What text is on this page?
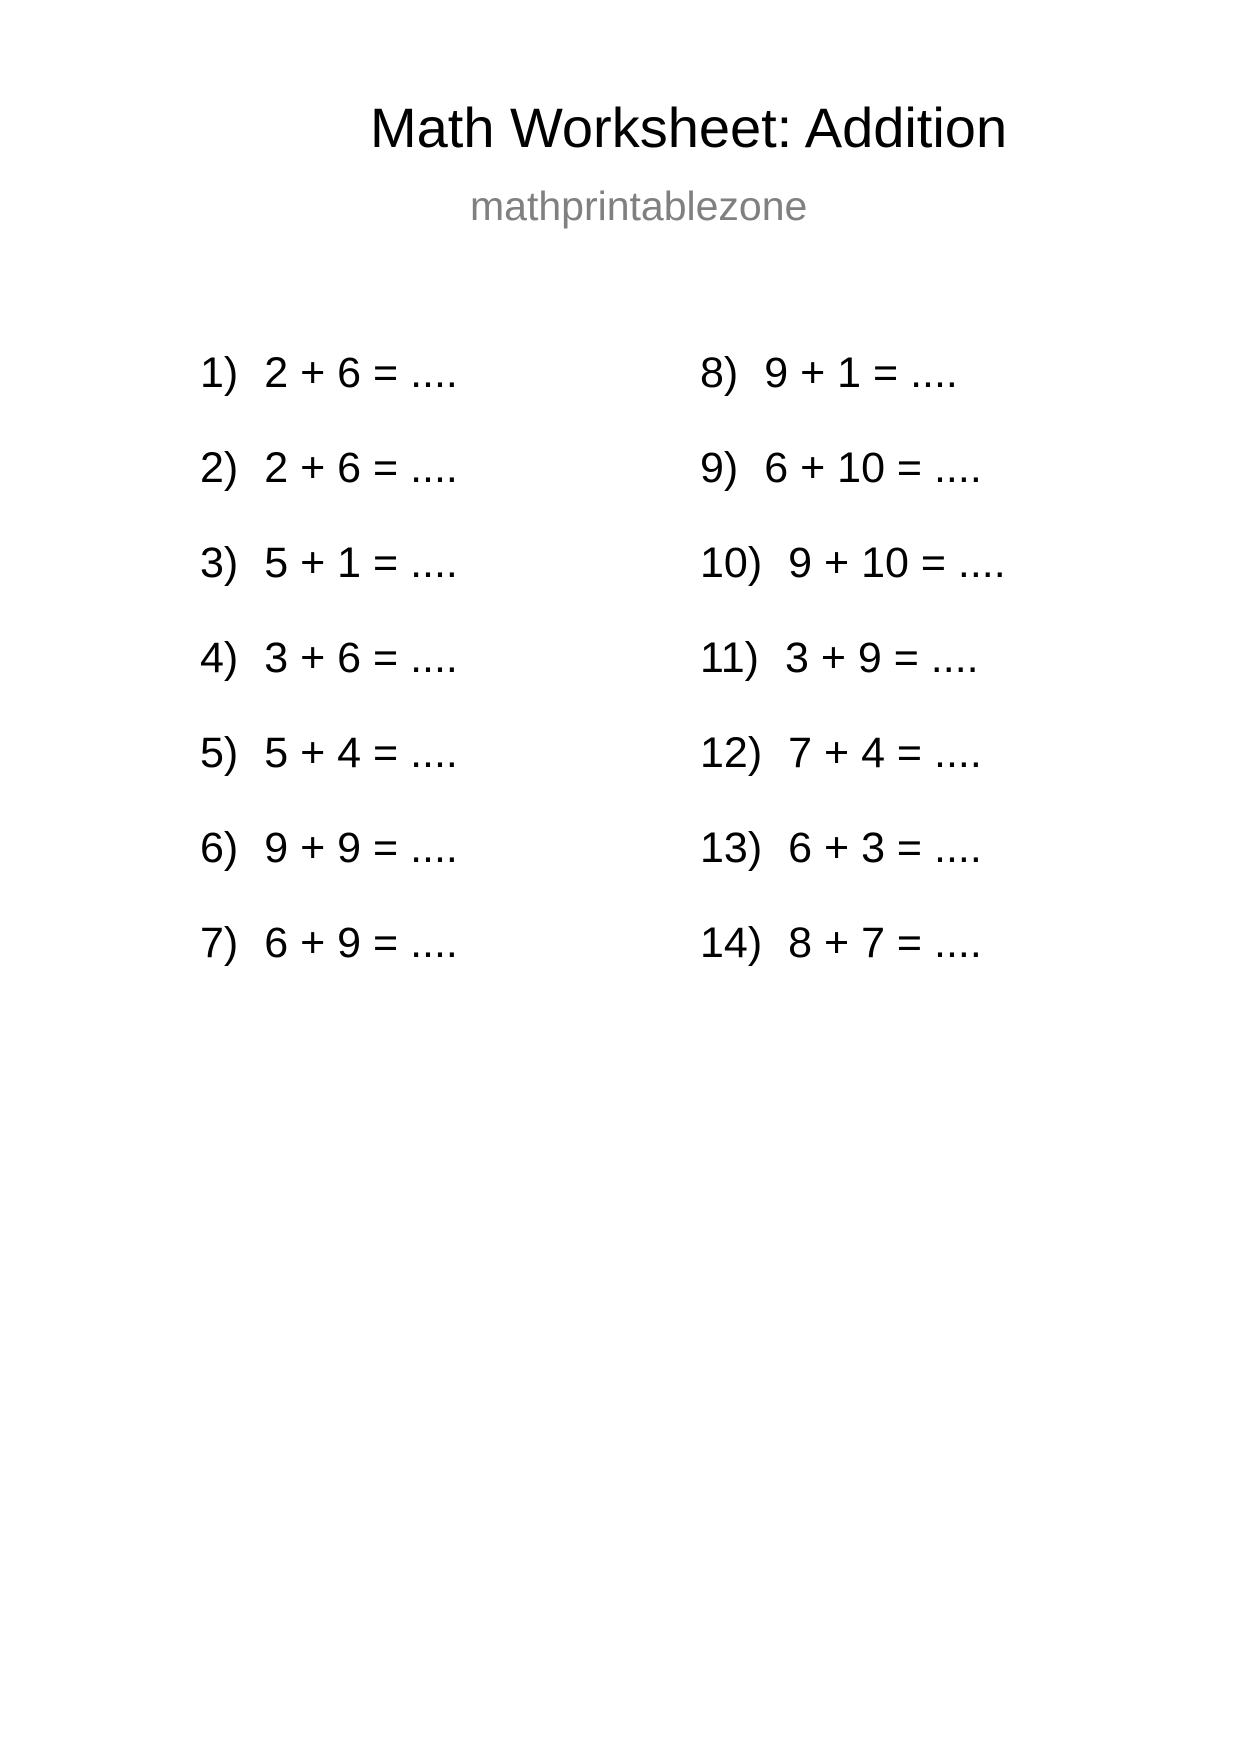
Math Worksheet: Addition
mathprintablezone
1) 2 + 6 = ....
2) 2 + 6 = ....
3) 5 + 1 = ....
4) 3 + 6 = ....
5) 5 + 4 = ....
6) 9 + 9 = ....
7) 6 + 9 = ....
8) 9 + 1 = ....
9) 6 + 10 = ....
10) 9 + 10 = ....
11) 3 + 9 = ....
12) 7 + 4 = ....
13) 6 + 3 = ....
14) 8 + 7 = ....
